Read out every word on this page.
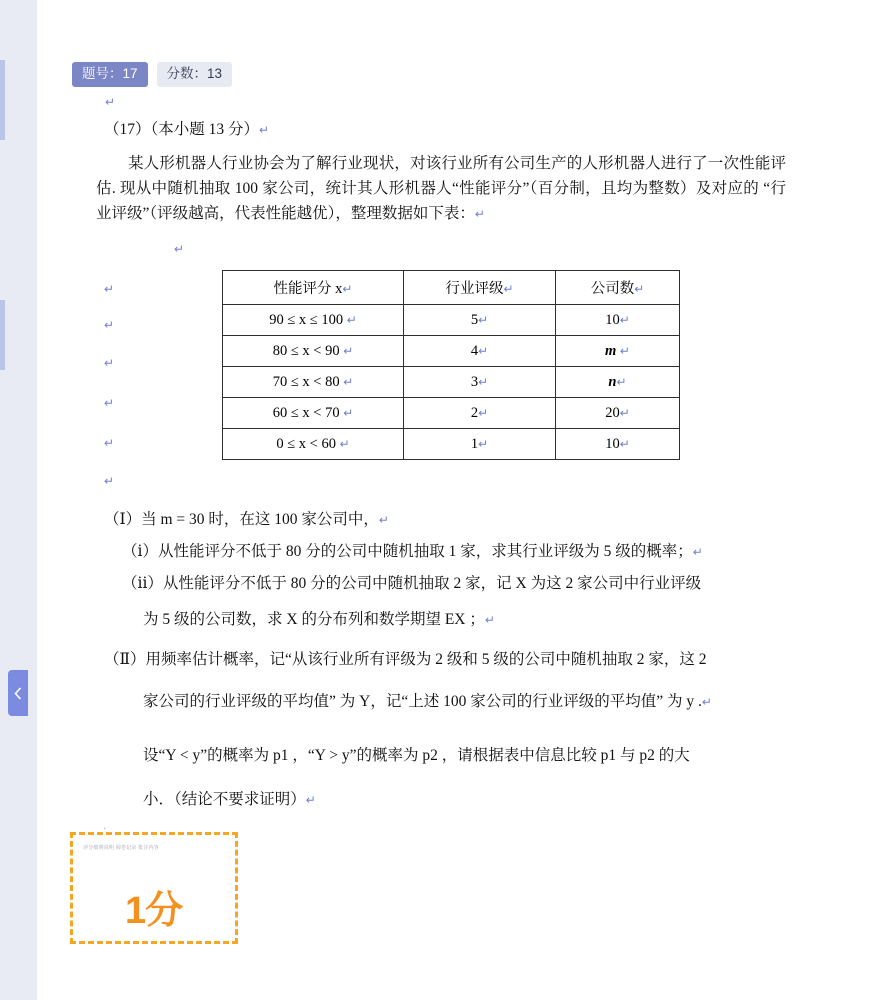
题号：17	分数：13
↵
（17）（本小题 13 分）↵
某人形机器人行业协会为了解行业现状，对该行业所有公司生产的人形机器人进行了一次性能评估. 现从中随机抽取 100 家公司，统计其人形机器人“性能评分”（百分制，且均为整数）及对应的 “行业评级”（评级越高，代表性能越优），整理数据如下表：↵
↵
↵
↵
↵
↵
↵
↵
性能评分 x↵	行业评级↵	公司数↵
90 ≤ x ≤ 100 ↵	5↵	10↵
80 ≤ x < 90 ↵	4↵	m ↵
70 ≤ x < 80 ↵	3↵	n↵
60 ≤ x < 70 ↵	2↵	20↵
0 ≤ x < 60 ↵	1↵	10↵
（Ⅰ）当 m = 30 时，在这 100 家公司中，↵
（ⅰ）从性能评分不低于 80 分的公司中随机抽取 1 家，求其行业评级为 5 级的概率；↵
（ⅱ）从性能评分不低于 80 分的公司中随机抽取 2 家，记 X 为这 2 家公司中行业评级
为 5 级的公司数，求 X 的分布列和数学期望 EX ；↵
（Ⅱ）用频率估计概率，记“从该行业所有评级为 2 级和 5 级的公司中随机抽取 2 家，这 2
家公司的行业评级的平均值” 为 Y，记“上述 100 家公司的行业评级的平均值” 为 y .↵
设“Y < y”的概率为 p1 ，“Y > y”的概率为 p2 ，请根据表中信息比较 p1 与 p2 的大
小．（结论不要求证明）↵
·
评分细则说明 阅卷记录 批注内容
1分
